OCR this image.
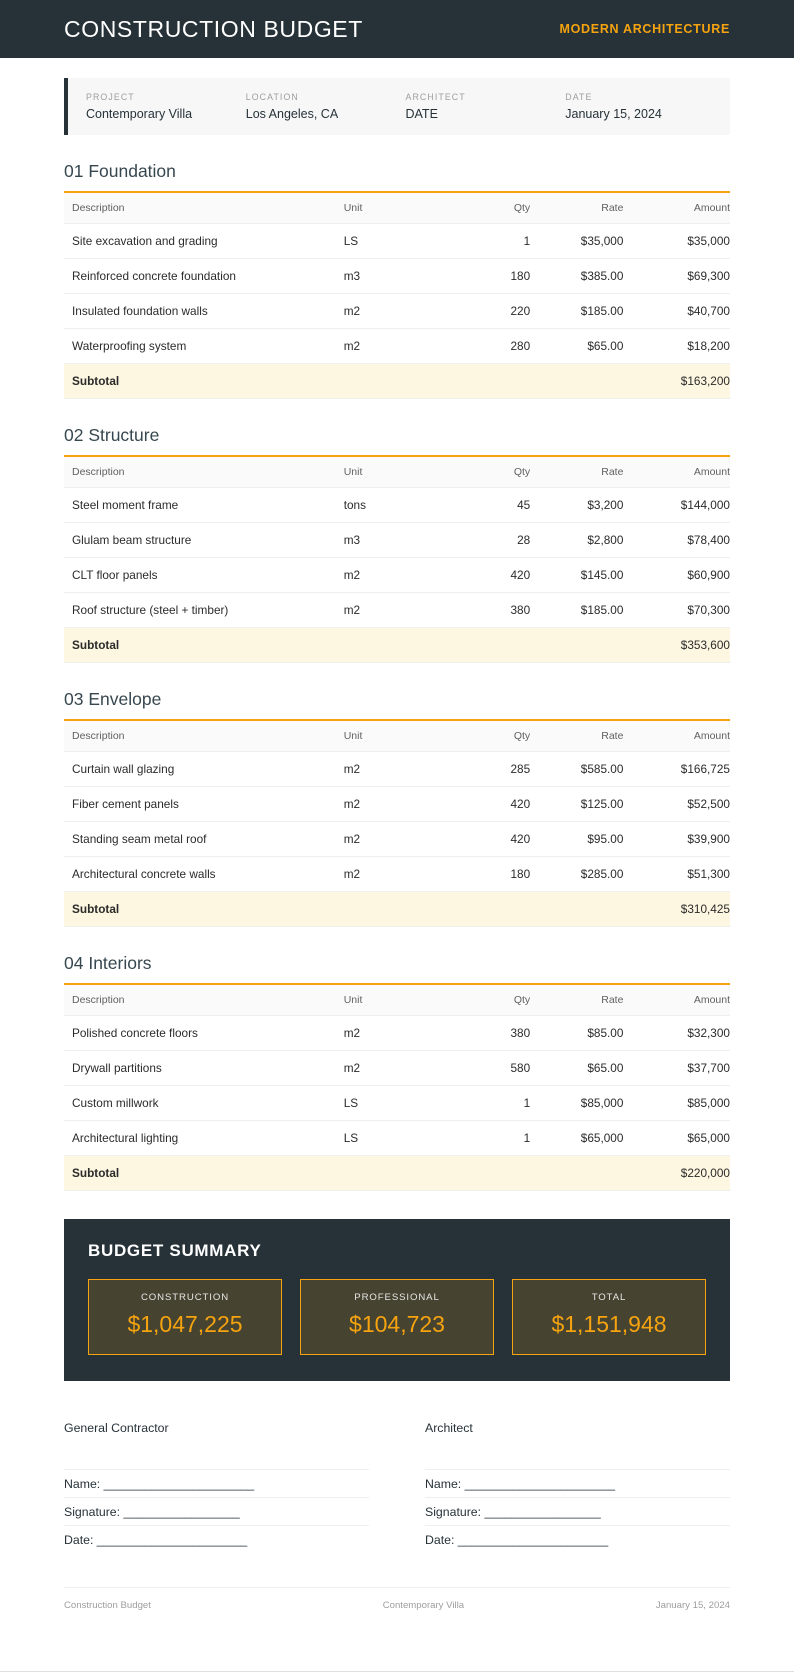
CONSTRUCTION BUDGET	MODERN ARCHITECTURE
PROJECT
Contemporary Villa
LOCATION
Los Angeles, CA
ARCHITECT
DATE
DATE
January 15, 2024
01 Foundation
Description	Unit	Qty	Rate	Amount
Site excavation and grading	LS	1	$35,000	$35,000
Reinforced concrete foundation	m3	180	$385.00	$69,300
Insulated foundation walls	m2	220	$185.00	$40,700
Waterproofing system	m2	280	$65.00	$18,200
Subtotal				$163,200
02 Structure
Description	Unit	Qty	Rate	Amount
Steel moment frame	tons	45	$3,200	$144,000
Glulam beam structure	m3	28	$2,800	$78,400
CLT floor panels	m2	420	$145.00	$60,900
Roof structure (steel + timber)	m2	380	$185.00	$70,300
Subtotal				$353,600
03 Envelope
Description	Unit	Qty	Rate	Amount
Curtain wall glazing	m2	285	$585.00	$166,725
Fiber cement panels	m2	420	$125.00	$52,500
Standing seam metal roof	m2	420	$95.00	$39,900
Architectural concrete walls	m2	180	$285.00	$51,300
Subtotal				$310,425
04 Interiors
Description	Unit	Qty	Rate	Amount
Polished concrete floors	m2	380	$85.00	$32,300
Drywall partitions	m2	580	$65.00	$37,700
Custom millwork	LS	1	$85,000	$85,000
Architectural lighting	LS	1	$65,000	$65,000
Subtotal				$220,000
BUDGET SUMMARY
CONSTRUCTION
$1,047,225
PROFESSIONAL
$104,723
TOTAL
$1,151,948
General Contractor
Name: ______________________
Signature: _________________
Date: ______________________
Architect
Name: ______________________
Signature: _________________
Date: ______________________
Construction Budget	Contemporary Villa	January 15, 2024
